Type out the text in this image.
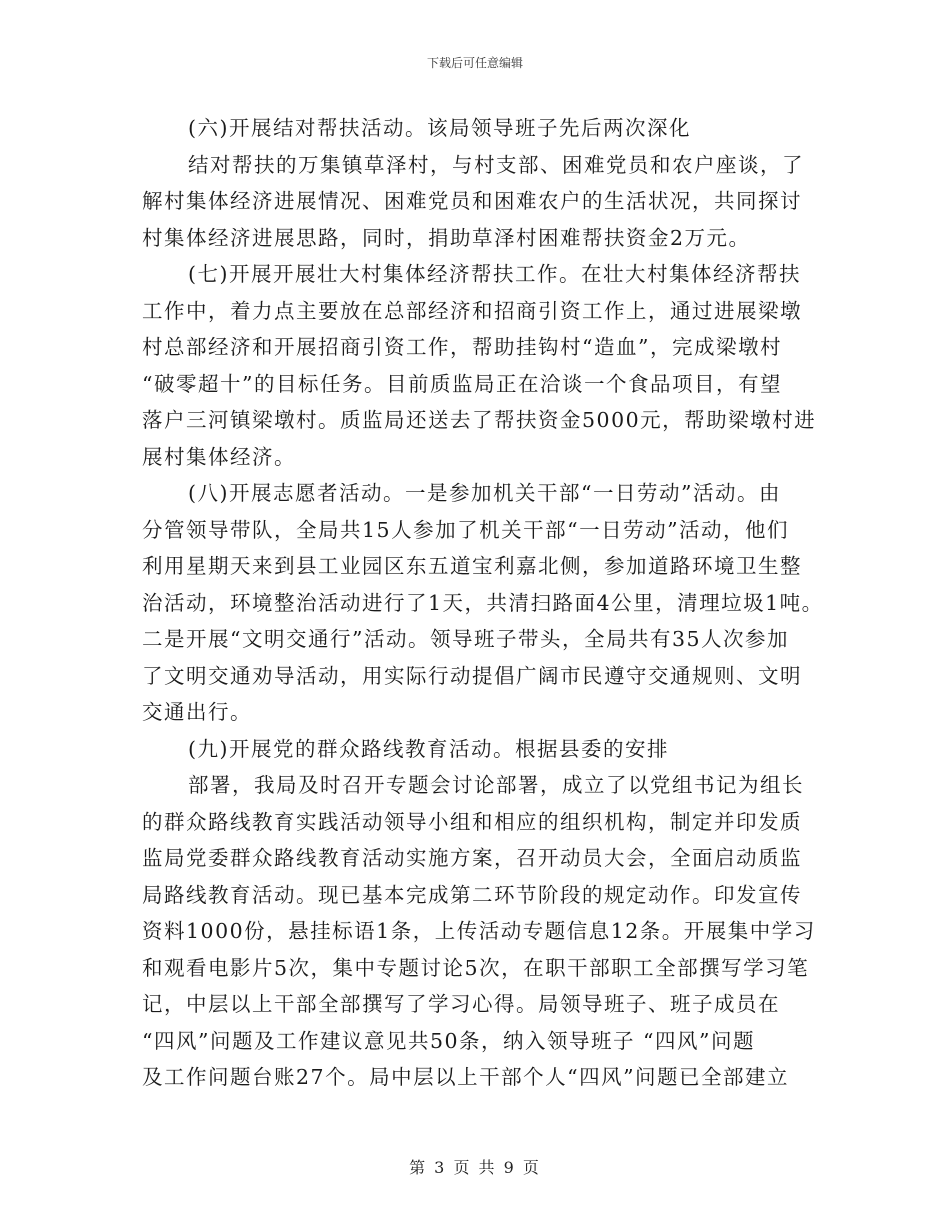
下载后可任意编辑
(六)开展结对帮扶活动。该局领导班子先后两次深化
结对帮扶的万集镇草泽村，与村支部、困难党员和农户座谈，了
解村集体经济进展情况、困难党员和困难农户的生活状况，共同探讨
村集体经济进展思路，同时，捐助草泽村困难帮扶资金2万元。
(七)开展开展壮大村集体经济帮扶工作。在壮大村集体经济帮扶
工作中，着力点主要放在总部经济和招商引资工作上，通过进展梁墩
村总部经济和开展招商引资工作，帮助挂钩村“造血”，完成梁墩村
“破零超十”的目标任务。目前质监局正在洽谈一个食品项目，有望
落户三河镇梁墩村。质监局还送去了帮扶资金5000元，帮助梁墩村进
展村集体经济。
(八)开展志愿者活动。一是参加机关干部“一日劳动”活动。由
分管领导带队，全局共15人参加了机关干部“一日劳动”活动，他们
利用星期天来到县工业园区东五道宝利嘉北侧，参加道路环境卫生整
治活动，环境整治活动进行了1天，共清扫路面4公里，清理垃圾1吨。
二是开展“文明交通行”活动。领导班子带头，全局共有35人次参加
了文明交通劝导活动，用实际行动提倡广阔市民遵守交通规则、文明
交通出行。
(九)开展党的群众路线教育活动。根据县委的安排
部署，我局及时召开专题会讨论部署，成立了以党组书记为组长
的群众路线教育实践活动领导小组和相应的组织机构，制定并印发质
监局党委群众路线教育活动实施方案，召开动员大会，全面启动质监
局路线教育活动。现已基本完成第二环节阶段的规定动作。印发宣传
资料1000份，悬挂标语1条，上传活动专题信息12条。开展集中学习
和观看电影片5次，集中专题讨论5次，在职干部职工全部撰写学习笔
记，中层以上干部全部撰写了学习心得。局领导班子、班子成员在
“四风”问题及工作建议意见共50条，纳入领导班子 “四风”问题
及工作问题台账27个。局中层以上干部个人“四风”问题已全部建立
第 3 页 共 9 页
